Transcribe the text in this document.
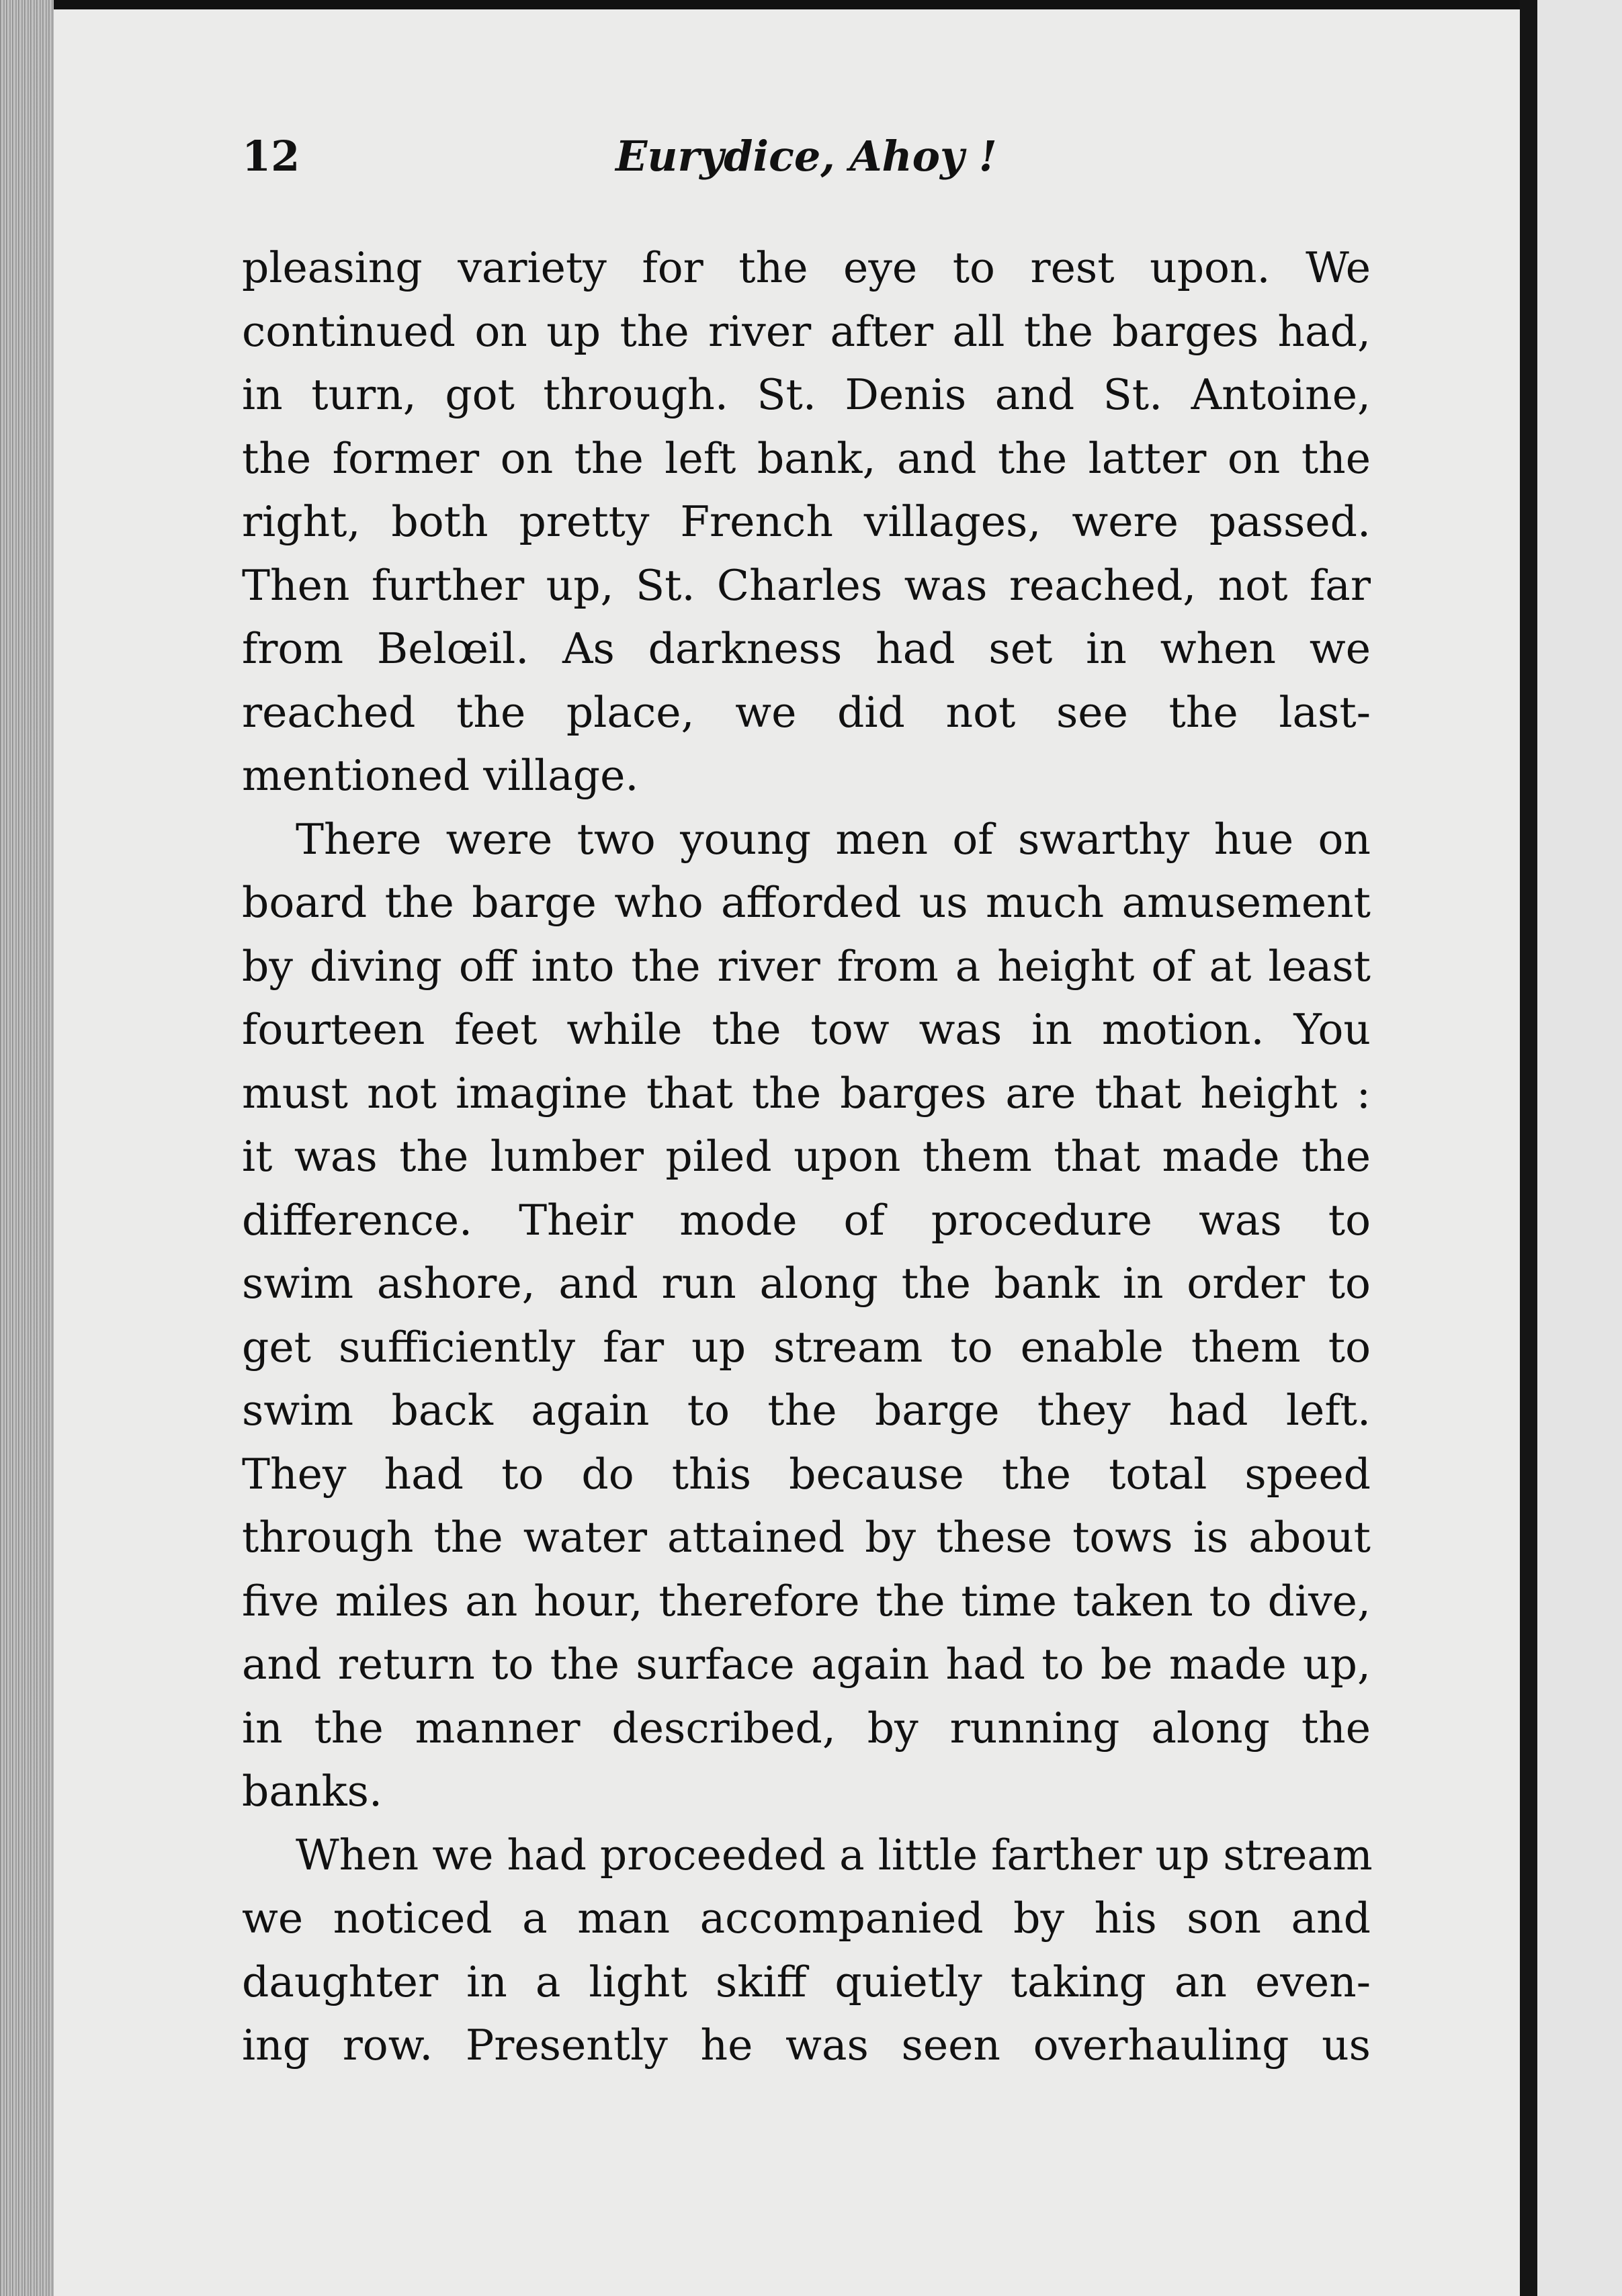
12	Eurydice, Ahoy !
pleasing variety for the eye to rest upon. We
continued on up the river after all the barges had,
in turn, got through. St. Denis and St. Antoine,
the former on the left bank, and the latter on the
right, both pretty French villages, were passed.
Then further up, St. Charles was reached, not far
from Belœil. As darkness had set in when we
reached the place, we did not see the last-
mentioned village.
There were two young men of swarthy hue on
board the barge who afforded us much amusement
by diving off into the river from a height of at least
fourteen feet while the tow was in motion. You
must not imagine that the barges are that height :
it was the lumber piled upon them that made the
difference. Their mode of procedure was to
swim ashore, and run along the bank in order to
get sufficiently far up stream to enable them to
swim back again to the barge they had left.
They had to do this because the total speed
through the water attained by these tows is about
five miles an hour, therefore the time taken to dive,
and return to the surface again had to be made up,
in the manner described, by running along the
banks.
When we had proceeded a little farther up stream
we noticed a man accompanied by his son and
daughter in a light skiff quietly taking an even-
ing row. Presently he was seen overhauling us
